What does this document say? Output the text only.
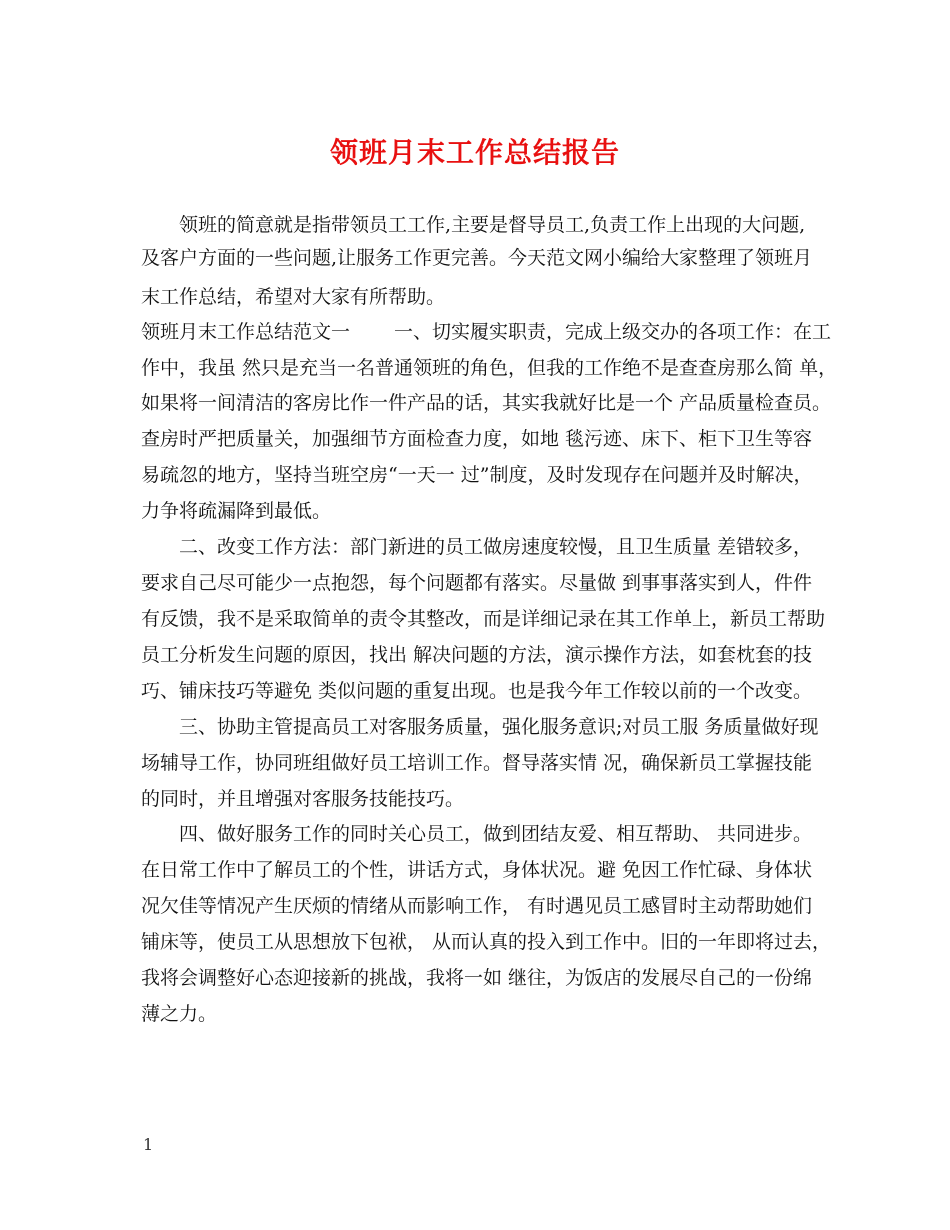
领班月末工作总结报告
　　领班的简意就是指带领员工工作,主要是督导员工,负责工作上出现的大问题,
及客户方面的一些问题,让服务工作更完善。今天范文网小编给大家整理了领班月
末工作总结，希望对大家有所帮助。
领班月末工作总结范文一　　 一、切实履实职责，完成上级交办的各项工作：在工
作中，我虽 然只是充当一名普通领班的角色，但我的工作绝不是查查房那么简 单，
如果将一间清洁的客房比作一件产品的话，其实我就好比是一个 产品质量检查员。
查房时严把质量关，加强细节方面检查力度，如地 毯污迹、床下、柜下卫生等容
易疏忽的地方，坚持当班空房“一天一 过”制度，及时发现存在问题并及时解决，
力争将疏漏降到最低。
　　二、改变工作方法：部门新进的员工做房速度较慢，且卫生质量 差错较多，
要求自己尽可能少一点抱怨，每个问题都有落实。尽量做 到事事落实到人，件件
有反馈，我不是采取简单的责令其整改，而是详细记录在其工作单上，新员工帮助
员工分析发生问题的原因，找出 解决问题的方法，演示操作方法，如套枕套的技
巧、铺床技巧等避免 类似问题的重复出现。也是我今年工作较以前的一个改变。
　　三、协助主管提高员工对客服务质量，强化服务意识;对员工服 务质量做好现
场辅导工作，协同班组做好员工培训工作。督导落实情 况，确保新员工掌握技能
的同时，并且增强对客服务技能技巧。
　　四、做好服务工作的同时关心员工，做到团结友爱、相互帮助、 共同进步。
在日常工作中了解员工的个性，讲话方式，身体状况。避 免因工作忙碌、身体状
况欠佳等情况产生厌烦的情绪从而影响工作， 有时遇见员工感冒时主动帮助她们
铺床等，使员工从思想放下包袱， 从而认真的投入到工作中。旧的一年即将过去，
我将会调整好心态迎接新的挑战，我将一如 继往，为饭店的发展尽自己的一份绵
薄之力。
1
